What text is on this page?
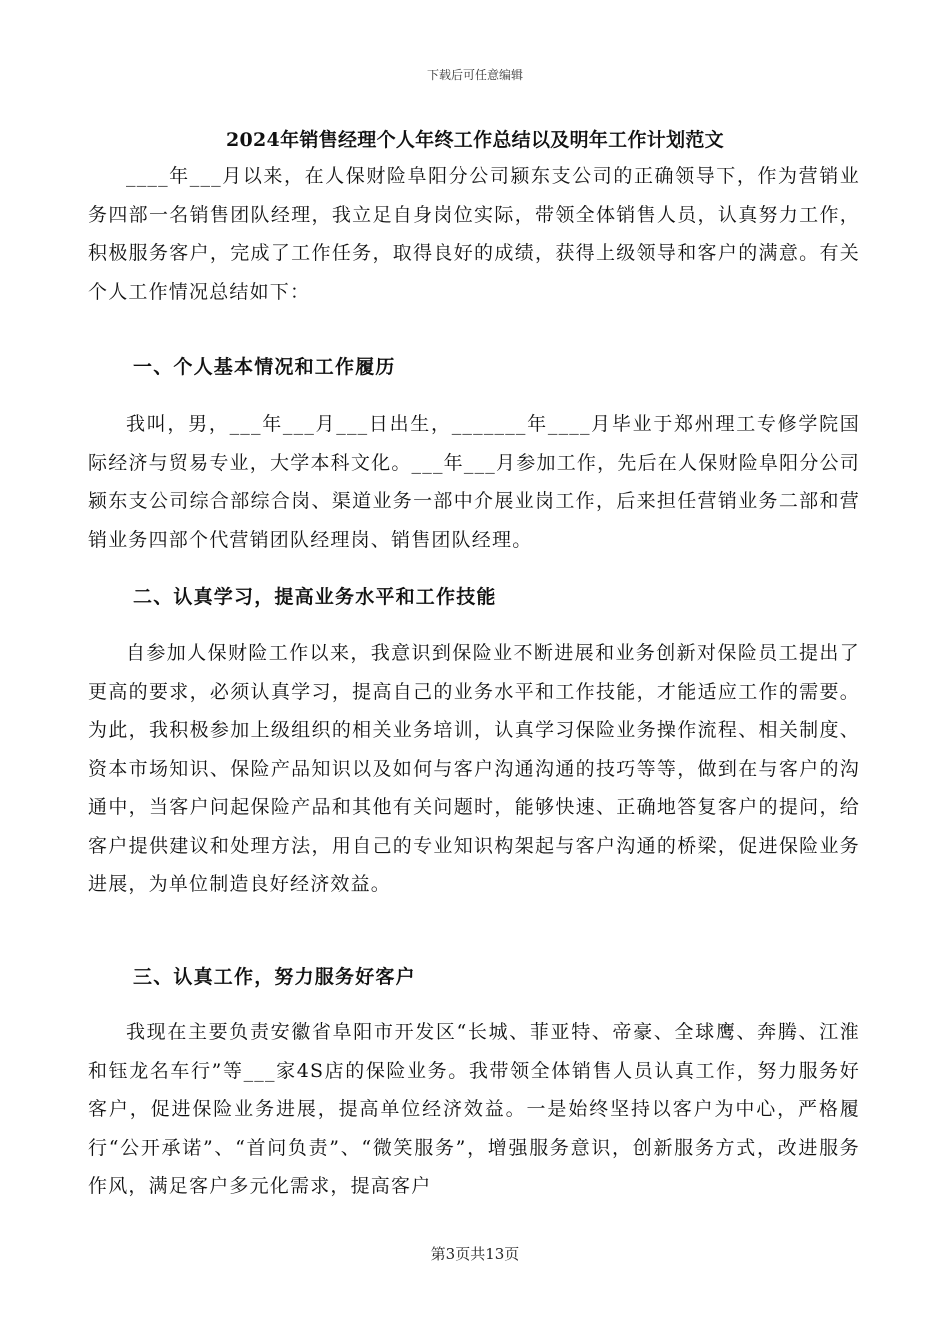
下载后可任意编辑
2024年销售经理个人年终工作总结以及明年工作计划范文

____年___月以来，在人保财险阜阳分公司颍东支公司的正确领导下，作为营销业务四部一名销售团队经理，我立足自身岗位实际，带领全体销售人员，认真努力工作，积极服务客户，完成了工作任务，取得良好的成绩，获得上级领导和客户的满意。有关个人工作情况总结如下：

一、个人基本情况和工作履历

我叫，男，___年___月___日出生，_______年____月毕业于郑州理工专修学院国际经济与贸易专业，大学本科文化。___年___月参加工作，先后在人保财险阜阳分公司颍东支公司综合部综合岗、渠道业务一部中介展业岗工作，后来担任营销业务二部和营销业务四部个代营销团队经理岗、销售团队经理。

二、认真学习，提高业务水平和工作技能

自参加人保财险工作以来，我意识到保险业不断进展和业务创新对保险员工提出了更高的要求，必须认真学习，提高自己的业务水平和工作技能，才能适应工作的需要。为此，我积极参加上级组织的相关业务培训，认真学习保险业务操作流程、相关制度、资本市场知识、保险产品知识以及如何与客户沟通沟通的技巧等等，做到在与客户的沟通中，当客户问起保险产品和其他有关问题时，能够快速、正确地答复客户的提问，给客户提供建议和处理方法，用自己的专业知识构架起与客户沟通的桥梁，促进保险业务进展，为单位制造良好经济效益。

三、认真工作，努力服务好客户

我现在主要负责安徽省阜阳市开发区“长城、菲亚特、帝豪、全球鹰、奔腾、江淮和钰龙名车行”等___家4S店的保险业务。我带领全体销售人员认真工作，努力服务好客户，促进保险业务进展，提高单位经济效益。一是始终坚持以客户为中心，严格履行“公开承诺”、“首问负责”、“微笑服务”，增强服务意识，创新服务方式，改进服务作风，满足客户多元化需求，提高客户

第3页共13页
